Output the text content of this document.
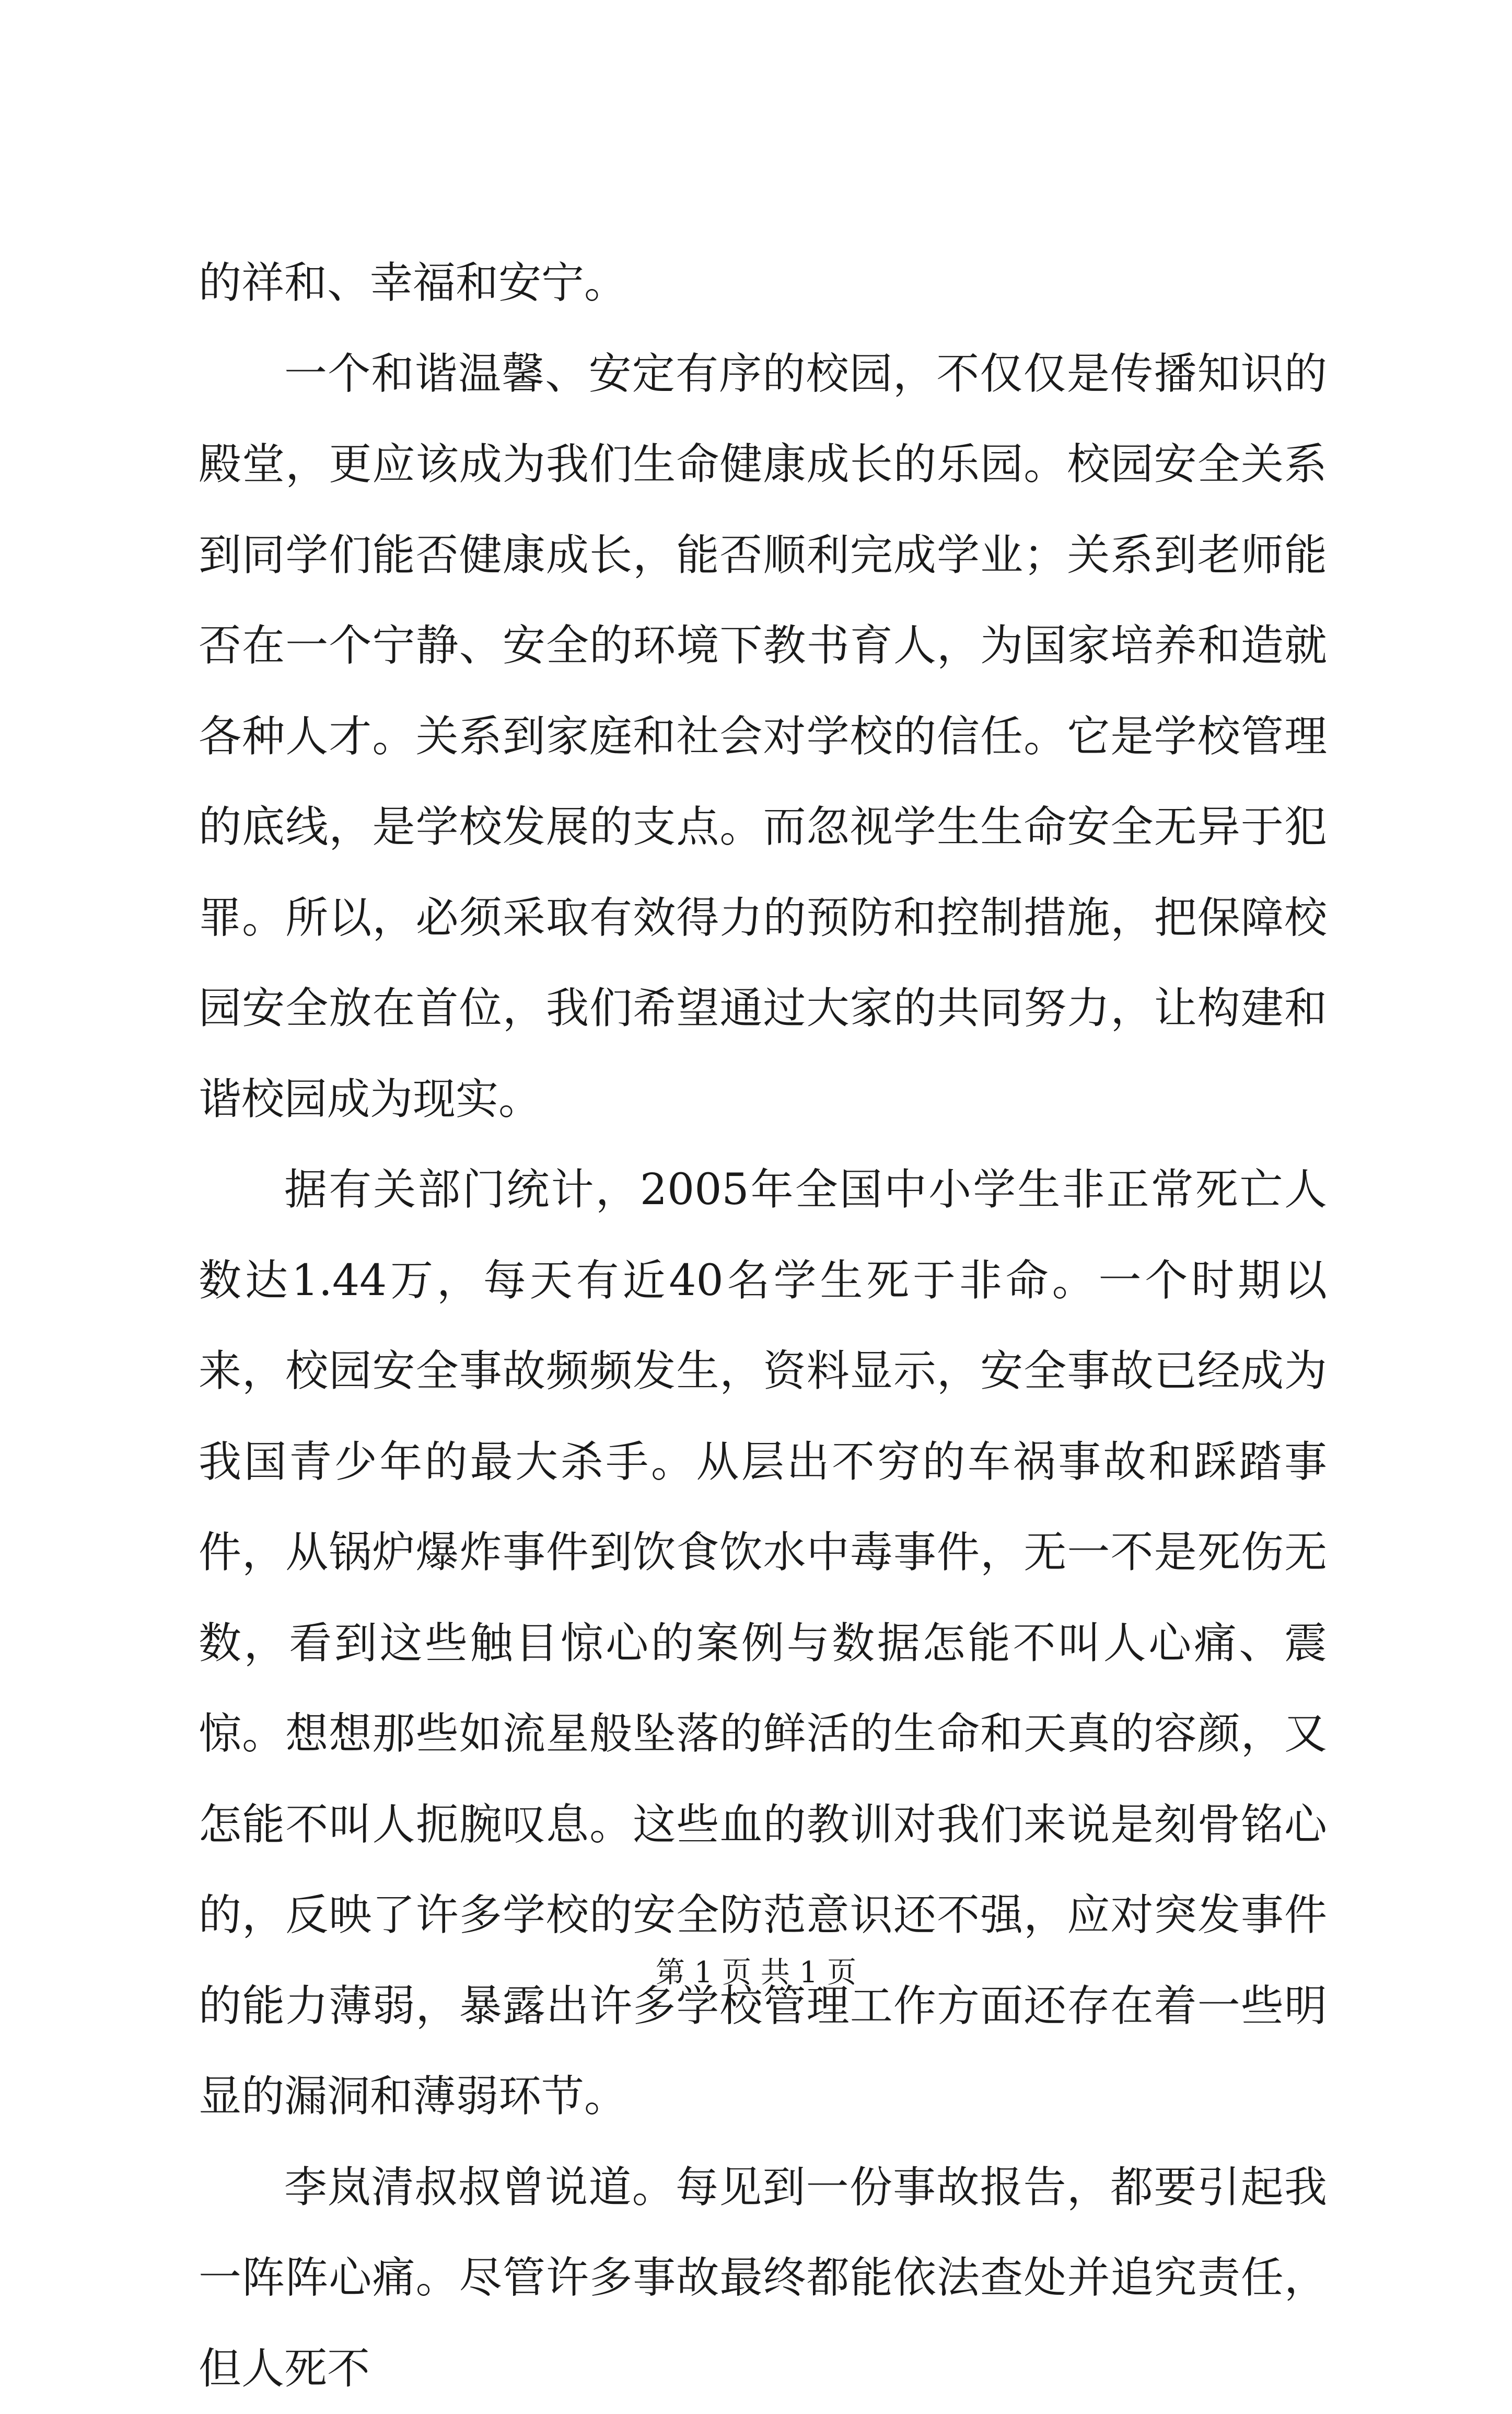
的祥和、幸福和安宁。

一个和谐温馨、安定有序的校园，不仅仅是传播知识的殿堂，更应该成为我们生命健康成长的乐园。校园安全关系到同学们能否健康成长，能否顺利完成学业；关系到老师能否在一个宁静、安全的环境下教书育人，为国家培养和造就各种人才。关系到家庭和社会对学校的信任。它是学校管理的底线，是学校发展的支点。而忽视学生生命安全无异于犯罪。所以，必须采取有效得力的预防和控制措施，把保障校园安全放在首位，我们希望通过大家的共同努力，让构建和谐校园成为现实。

据有关部门统计，2005年全国中小学生非正常死亡人数达1.44万，每天有近40名学生死于非命。一个时期以来，校园安全事故频频发生，资料显示，安全事故已经成为我国青少年的最大杀手。从层出不穷的车祸事故和踩踏事件，从锅炉爆炸事件到饮食饮水中毒事件，无一不是死伤无数，看到这些触目惊心的案例与数据怎能不叫人心痛、震惊。想想那些如流星般坠落的鲜活的生命和天真的容颜，又怎能不叫人扼腕叹息。这些血的教训对我们来说是刻骨铭心的，反映了许多学校的安全防范意识还不强，应对突发事件的能力薄弱，暴露出许多学校管理工作方面还存在着一些明显的漏洞和薄弱环节。

李岚清叔叔曾说道。每见到一份事故报告，都要引起我一阵阵心痛。尽管许多事故最终都能依法查处并追究责任，但人死不

第 1 页 共 1 页
